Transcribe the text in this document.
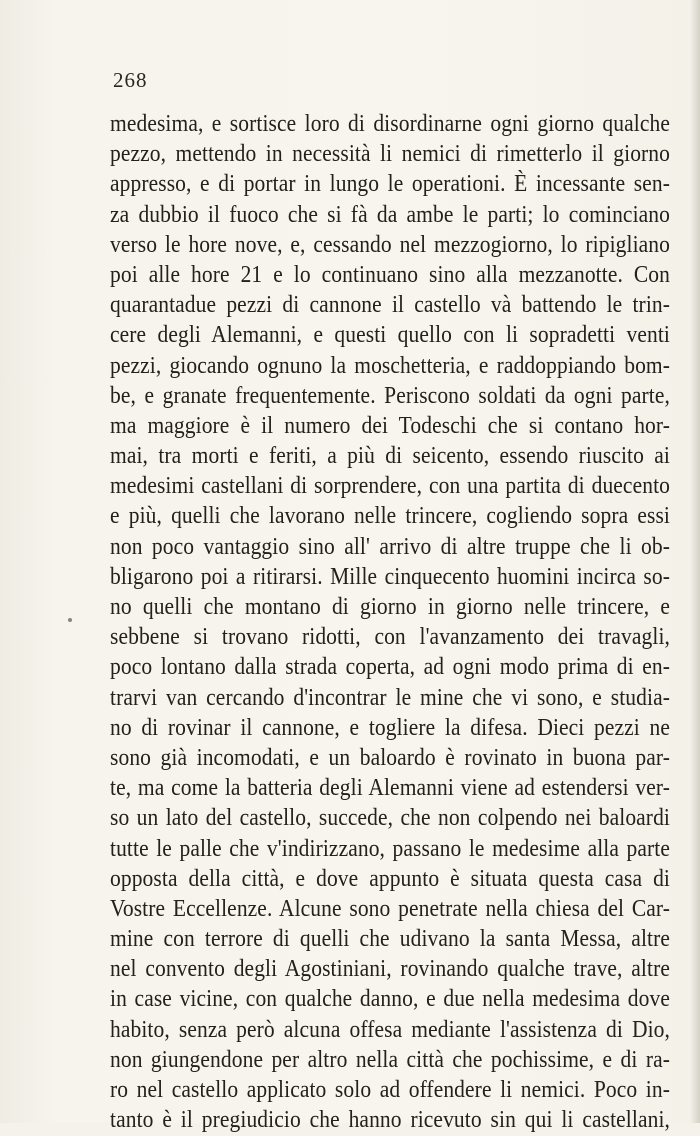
268
medesima, e sortisce loro di disordinarne ogni giorno qualche
pezzo, mettendo in necessità li nemici di rimetterlo il giorno
appresso, e di portar in lungo le operationi. È incessante sen-
za dubbio il fuoco che si fà da ambe le parti; lo cominciano
verso le hore nove, e, cessando nel mezzogiorno, lo ripigliano
poi alle hore 21 e lo continuano sino alla mezzanotte. Con
quarantadue pezzi di cannone il castello và battendo le trin-
cere degli Alemanni, e questi quello con li sopradetti venti
pezzi, giocando ognuno la moschetteria, e raddoppiando bom-
be, e granate frequentemente. Periscono soldati da ogni parte,
ma maggiore è il numero dei Todeschi che si contano hor-
mai, tra morti e feriti, a più di seicento, essendo riuscito ai
medesimi castellani di sorprendere, con una partita di duecento
e più, quelli che lavorano nelle trincere, cogliendo sopra essi
non poco vantaggio sino all' arrivo di altre truppe che li ob-
bligarono poi a ritirarsi. Mille cinquecento huomini incirca so-
no quelli che montano di giorno in giorno nelle trincere, e
sebbene si trovano ridotti, con l'avanzamento dei travagli,
poco lontano dalla strada coperta, ad ogni modo prima di en-
trarvi van cercando d'incontrar le mine che vi sono, e studia-
no di rovinar il cannone, e togliere la difesa. Dieci pezzi ne
sono già incomodati, e un baloardo è rovinato in buona par-
te, ma come la batteria degli Alemanni viene ad estendersi ver-
so un lato del castello, succede, che non colpendo nei baloardi
tutte le palle che v'indirizzano, passano le medesime alla parte
opposta della città, e dove appunto è situata questa casa di
Vostre Eccellenze. Alcune sono penetrate nella chiesa del Car-
mine con terrore di quelli che udivano la santa Messa, altre
nel convento degli Agostiniani, rovinando qualche trave, altre
in case vicine, con qualche danno, e due nella medesima dove
habito, senza però alcuna offesa mediante l'assistenza di Dio,
non giungendone per altro nella città che pochissime, e di ra-
ro nel castello applicato solo ad offendere li nemici. Poco in-
tanto è il pregiudicio che hanno ricevuto sin qui li castellani,
